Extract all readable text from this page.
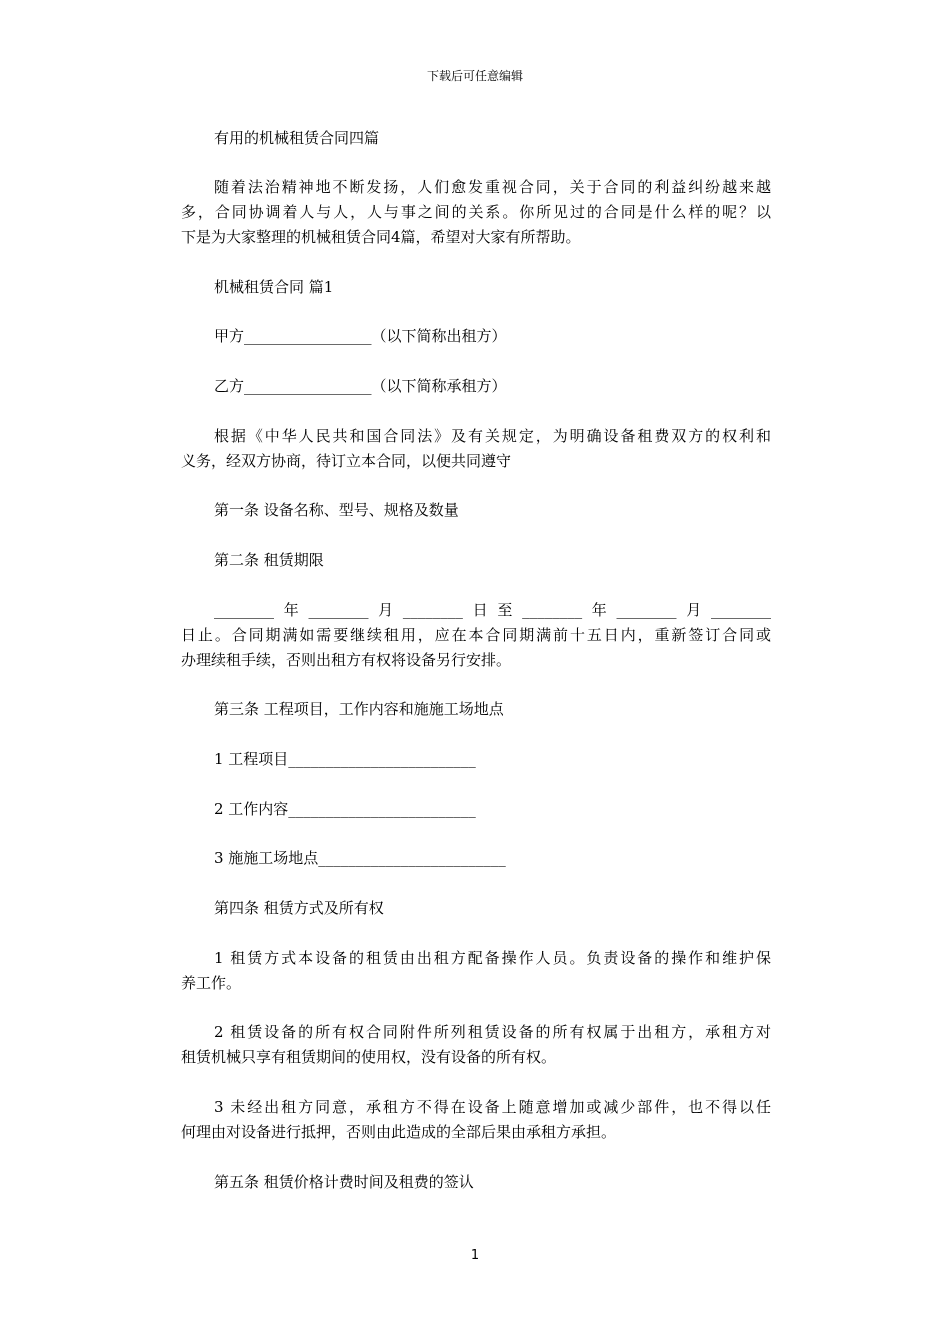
下载后可任意编辑
有用的机械租赁合同四篇
随着法治精神地不断发扬，人们愈发重视合同，关于合同的利益纠纷越来越
多，合同协调着人与人，人与事之间的关系。你所见过的合同是什么样的呢？以
下是为大家整理的机械租赁合同4篇，希望对大家有所帮助。
机械租赁合同 篇1
甲方_________________（以下简称出租方）
乙方_________________（以下简称承租方）
根据《中华人民共和国合同法》及有关规定，为明确设备租费双方的权利和
义务，经双方协商，待订立本合同，以便共同遵守
第一条 设备名称、型号、规格及数量
第二条 租赁期限
________年________月________日至________年________月________
日止。合同期满如需要继续租用，应在本合同期满前十五日内，重新签订合同或
办理续租手续，否则出租方有权将设备另行安排。
第三条 工程项目，工作内容和施施工场地点
1 工程项目_________________________
2 工作内容_________________________
3 施施工场地点_________________________
第四条 租赁方式及所有权
1 租赁方式本设备的租赁由出租方配备操作人员。负责设备的操作和维护保
养工作。
2 租赁设备的所有权合同附件所列租赁设备的所有权属于出租方，承租方对
租赁机械只享有租赁期间的使用权，没有设备的所有权。
3 未经出租方同意，承租方不得在设备上随意增加或减少部件，也不得以任
何理由对设备进行抵押，否则由此造成的全部后果由承租方承担。
第五条 租赁价格计费时间及租费的签认
1
